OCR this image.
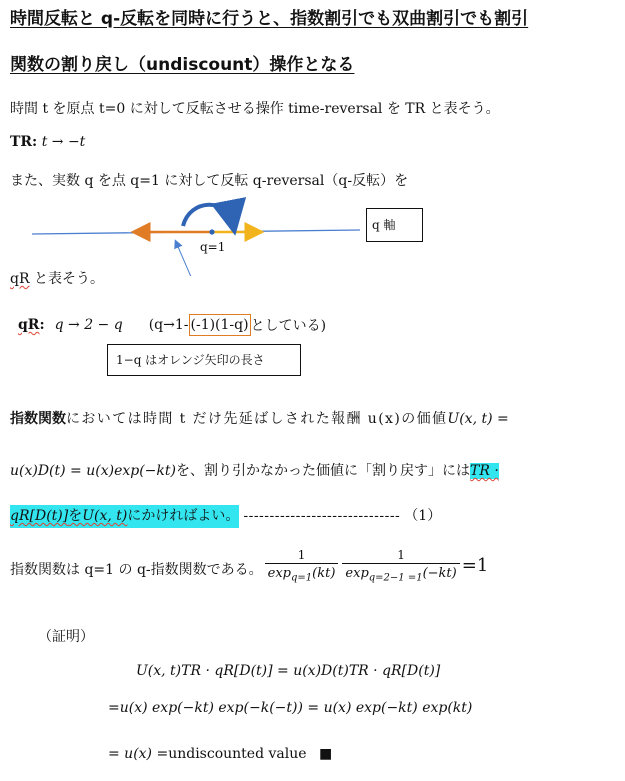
時間反転と q-反転を同時に行うと、指数割引でも双曲割引でも割引
関数の割り戻し（undiscount）操作となる
時間 t を原点 t=0 に対して反転させる操作 time-reversal を TR と表そう。
TR: t → −t
また、実数 q を点 q=1 に対して反転 q-reversal（q-反転）を
q=1
q 軸
qR と表そう。
qR : q → 2 − q (q→1- (-1)(1-q) としている)
1−q はオレンジ矢印の長さ
指数関数においては時間 t だけ先延ばしされた報酬 u(x)の価値U(x, t) =
u(x)D(t) = u(x)exp(−kt)を、割り引かなかった価値に「割り戻す」にはTR ·
qR[D(t)]をU(x, t)にかければよい。 ------------------------------ （1）
指数関数は q=1 の q-指数関数である。 $\frac{1}{\exp_{q=1}(kt)} \frac{1}{\exp_{q=2-1 =1}(-kt)} =1$
（証明）
U(x, t)TR · qR[D(t)] = u(x)D(t)TR · qR[D(t)]
=u(x) exp(−kt) exp(−k(−t)) = u(x) exp(−kt) exp(kt)
= u(x) =undiscounted value ■
